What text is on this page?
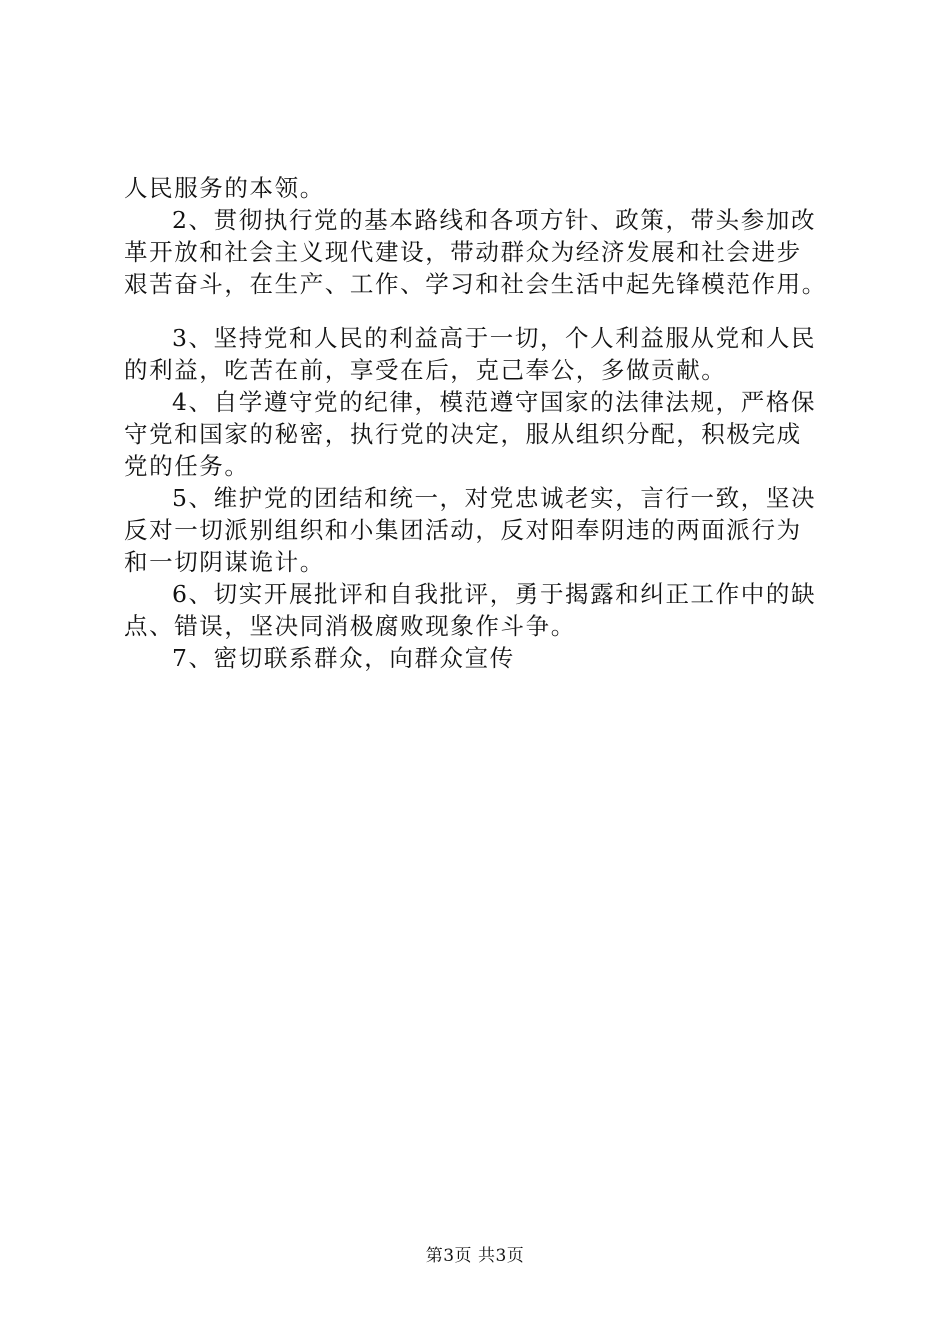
人民服务的本领。
2、贯彻执行党的基本路线和各项方针、政策，带头参加改
革开放和社会主义现代建设，带动群众为经济发展和社会进步
艰苦奋斗，在生产、工作、学习和社会生活中起先锋模范作用。
3、坚持党和人民的利益高于一切，个人利益服从党和人民
的利益，吃苦在前，享受在后，克己奉公，多做贡献。
4、自学遵守党的纪律，模范遵守国家的法律法规，严格保
守党和国家的秘密，执行党的决定，服从组织分配，积极完成
党的任务。
5、维护党的团结和统一，对党忠诚老实，言行一致，坚决
反对一切派别组织和小集团活动，反对阳奉阴违的两面派行为
和一切阴谋诡计。
6、切实开展批评和自我批评，勇于揭露和纠正工作中的缺
点、错误，坚决同消极腐败现象作斗争。
7、密切联系群众，向群众宣传
第3页 共3页
